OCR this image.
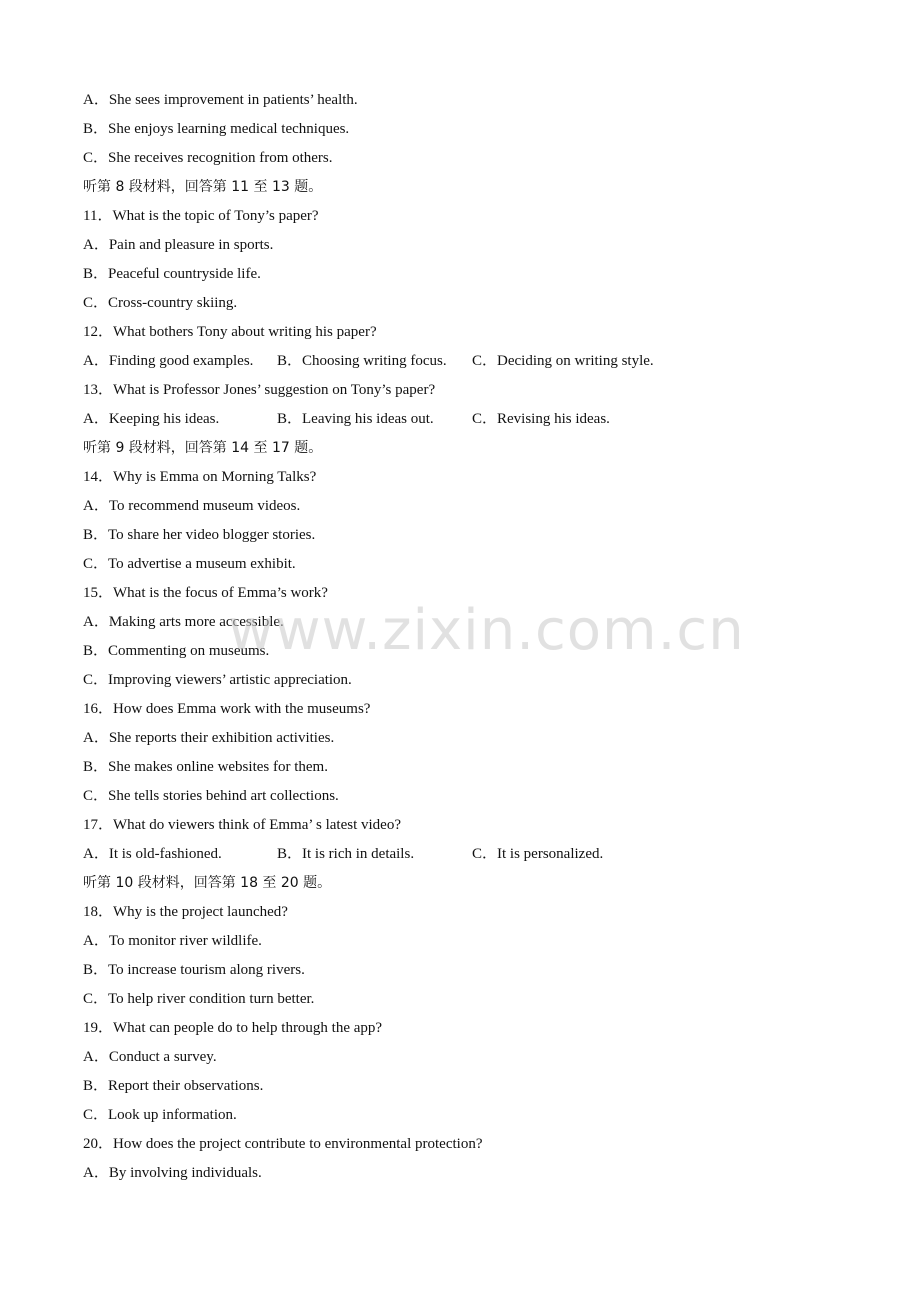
A．She sees improvement in patients’ health.
B．She enjoys learning medical techniques.
C．She receives recognition from others.
听第 8 段材料，回答第 11 至 13 题。
11．What is the topic of Tony’s paper?
A．Pain and pleasure in sports.
B．Peaceful countryside life.
C．Cross-country skiing.
12．What bothers Tony about writing his paper?
A．Finding good examples. B．Choosing writing focus. C．Deciding on writing style.
13．What is Professor Jones’ suggestion on Tony’s paper?
A．Keeping his ideas.	B．Leaving his ideas out.	C．Revising his ideas.
听第 9 段材料，回答第 14 至 17 题。
14．Why is Emma on Morning Talks?
A．To recommend museum videos.
B．To share her video blogger stories.
C．To advertise a museum exhibit.
15．What is the focus of Emma’s work?
A．Making arts more accessible.
B．Commenting on museums.
C．Improving viewers’ artistic appreciation.
16．How does Emma work with the museums?
A．She reports their exhibition activities.
B．She makes online websites for them.
C．She tells stories behind art collections.
17．What do viewers think of Emma’ s latest video?
A．It is old-fashioned.	B．It is rich in details.	C．It is personalized.
听第 10 段材料，回答第 18 至 20 题。
18．Why is the project launched?
A．To monitor river wildlife.
B．To increase tourism along rivers.
C．To help river condition turn better.
19．What can people do to help through the app?
A．Conduct a survey.
B．Report their observations.
C．Look up information.
20．How does the project contribute to environmental protection?
A．By involving individuals.
www.zixin.com.cn
